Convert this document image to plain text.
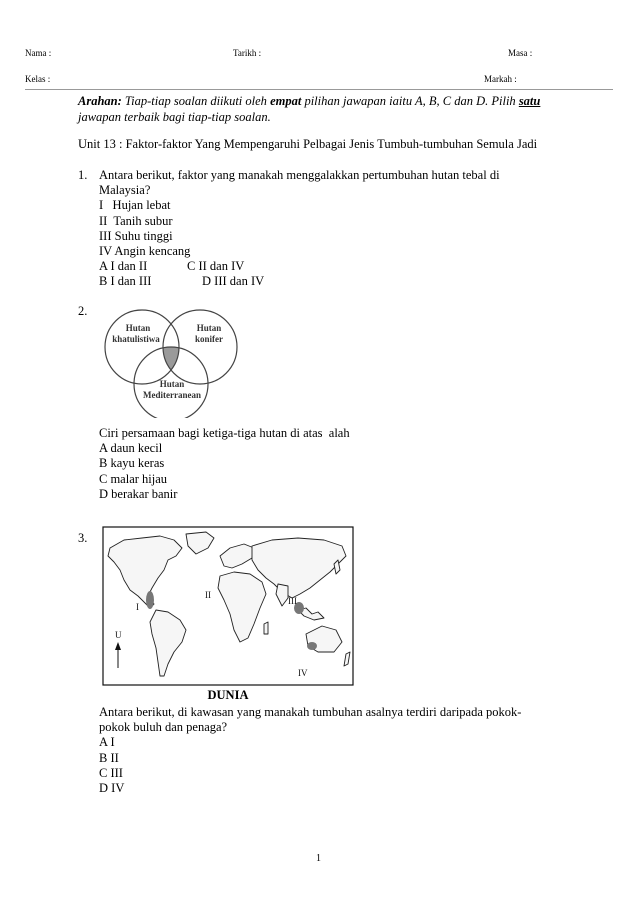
Nama :	Tarikh :	Masa :
Kelas :	Markah :
Arahan: Tiap-tiap soalan diikuti oleh empat pilihan jawapan iaitu A, B, C dan D. Pilih satu
jawapan terbaik bagi tiap-tiap soalan.
Unit 13 : Faktor-faktor Yang Mempengaruhi Pelbagai Jenis Tumbuh-tumbuhan Semula Jadi
1. Antara berikut, faktor yang manakah menggalakkan pertumbuhan hutan tebal di
Malaysia?
I   Hujan lebat
II  Tanih subur
III Suhu tinggi
IV Angin kencang
A I dan II	C II dan IV
B I dan III	D III dan IV
2.
Hutan
khatulistiwa
Hutan
konifer
Hutan
Mediterranean
Ciri persamaan bagi ketiga-tiga hutan di atas  alah
A daun kecil
B kayu keras
C malar hijau
D berakar banir
3.
I
II
III
IV
U
DUNIA
Antara berikut, di kawasan yang manakah tumbuhan asalnya terdiri daripada pokok-
pokok buluh dan penaga?
A I
B II
C III
D IV
1
